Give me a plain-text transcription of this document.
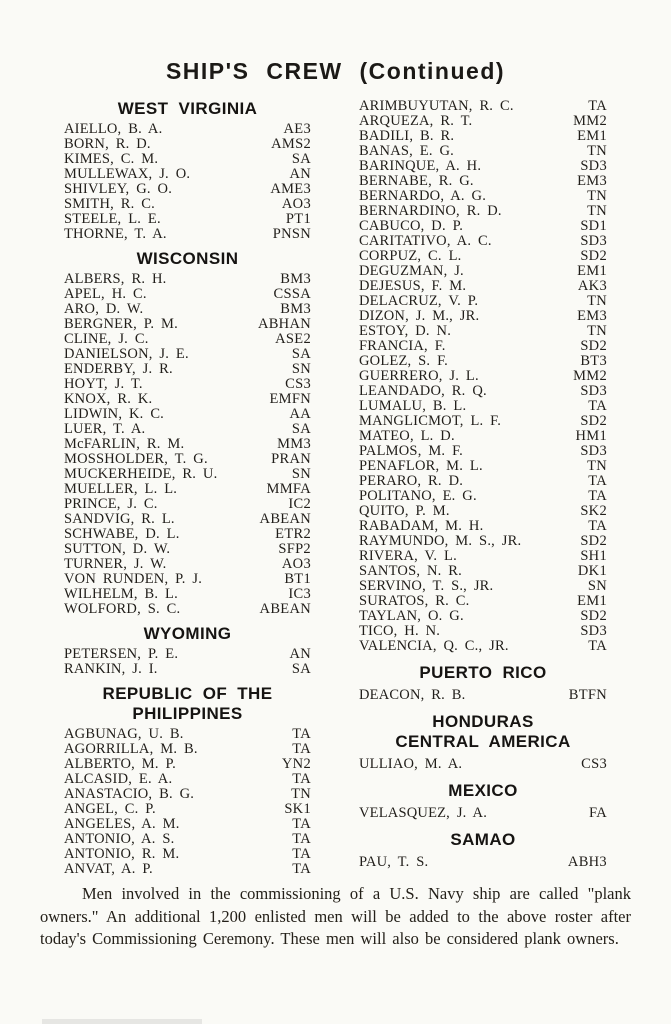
SHIP'S CREW (Continued)
WEST VIRGINIA
AIELLO, B. A.	AE3
BORN, R. D.	AMS2
KIMES, C. M.	SA
MULLEWAX, J. O.	AN
SHIVLEY, G. O.	AME3
SMITH, R. C.	AO3
STEELE, L. E.	PT1
THORNE, T. A.	PNSN
WISCONSIN
ALBERS, R. H.	BM3
APEL, H. C.	CSSA
ARO, D. W.	BM3
BERGNER, P. M.	ABHAN
CLINE, J. C.	ASE2
DANIELSON, J. E.	SA
ENDERBY, J. R.	SN
HOYT, J. T.	CS3
KNOX, R. K.	EMFN
LIDWIN, K. C.	AA
LUER, T. A.	SA
McFARLIN, R. M.	MM3
MOSSHOLDER, T. G.	PRAN
MUCKERHEIDE, R. U.	SN
MUELLER, L. L.	MMFA
PRINCE, J. C.	IC2
SANDVIG, R. L.	ABEAN
SCHWABE, D. L.	ETR2
SUTTON, D. W.	SFP2
TURNER, J. W.	AO3
VON RUNDEN, P. J.	BT1
WILHELM, B. L.	IC3
WOLFORD, S. C.	ABEAN
WYOMING
PETERSEN, P. E.	AN
RANKIN, J. I.	SA
REPUBLIC OF THE
PHILIPPINES
AGBUNAG, U. B.	TA
AGORRILLA, M. B.	TA
ALBERTO, M. P.	YN2
ALCASID, E. A.	TA
ANASTACIO, B. G.	TN
ANGEL, C. P.	SK1
ANGELES, A. M.	TA
ANTONIO, A. S.	TA
ANTONIO, R. M.	TA
ANVAT, A. P.	TA
ARIMBUYUTAN, R. C.	TA
ARQUEZA, R. T.	MM2
BADILI, B. R.	EM1
BANAS, E. G.	TN
BARINQUE, A. H.	SD3
BERNABE, R. G.	EM3
BERNARDO, A. G.	TN
BERNARDINO, R. D.	TN
CABUCO, D. P.	SD1
CARITATIVO, A. C.	SD3
CORPUZ, C. L.	SD2
DEGUZMAN, J.	EM1
DEJESUS, F. M.	AK3
DELACRUZ, V. P.	TN
DIZON, J. M., JR.	EM3
ESTOY, D. N.	TN
FRANCIA, F.	SD2
GOLEZ, S. F.	BT3
GUERRERO, J. L.	MM2
LEANDADO, R. Q.	SD3
LUMALU, B. L.	TA
MANGLICMOT, L. F.	SD2
MATEO, L. D.	HM1
PALMOS, M. F.	SD3
PENAFLOR, M. L.	TN
PERARO, R. D.	TA
POLITANO, E. G.	TA
QUITO, P. M.	SK2
RABADAM, M. H.	TA
RAYMUNDO, M. S., JR.	SD2
RIVERA, V. L.	SH1
SANTOS, N. R.	DK1
SERVINO, T. S., JR.	SN
SURATOS, R. C.	EM1
TAYLAN, O. G.	SD2
TICO, H. N.	SD3
VALENCIA, Q. C., JR.	TA
PUERTO RICO
DEACON, R. B.	BTFN
HONDURAS
CENTRAL AMERICA
ULLIAO, M. A.	CS3
MEXICO
VELASQUEZ, J. A.	FA
SAMAO
PAU, T. S.	ABH3

Men involved in the commissioning of a U.S. Navy ship are called "plank owners." An additional 1,200 enlisted men will be added to the above roster after today's Commissioning Ceremony. These men will also be considered plank owners.
